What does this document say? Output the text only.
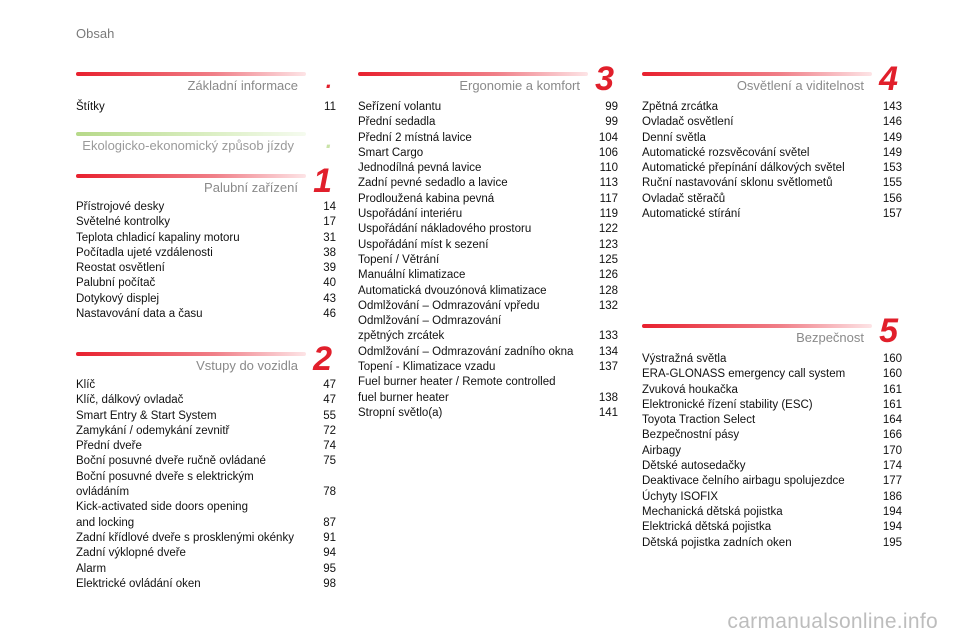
Obsah
Základní informace .
Štítky	11
Ekologicko-ekonomický způsob jízdy .
Palubní zařízení 1
Přístrojové desky	14
Světelné kontrolky	17
Teplota chladicí kapaliny motoru	31
Počítadla ujeté vzdálenosti	38
Reostat osvětlení	39
Palubní počítač	40
Dotykový displej	43
Nastavování data a času	46
Vstupy do vozidla 2
Klíč	47
Klíč, dálkový ovladač	47
Smart Entry & Start System	55
Zamykání / odemykání zevnitř	72
Přední dveře	74
Boční posuvné dveře ručně ovládané	75
Boční posuvné dveře s elektrickým
ovládáním	78
Kick-activated side doors opening
and locking	87
Zadní křídlové dveře s prosklenými okénky	91
Zadní výklopné dveře	94
Alarm	95
Elektrické ovládání oken	98
Ergonomie a komfort 3
Seřízení volantu	99
Přední sedadla	99
Přední 2 místná lavice	104
Smart Cargo	106
Jednodílná pevná lavice	110
Zadní pevné sedadlo a lavice	113
Prodloužená kabina pevná	117
Uspořádání interiéru	119
Uspořádání nákladového prostoru	122
Uspořádání míst k sezení	123
Topení / Větrání	125
Manuální klimatizace	126
Automatická dvouzónová klimatizace	128
Odmlžování – Odmrazování vpředu	132
Odmlžování – Odmrazování
zpětných zrcátek	133
Odmlžování – Odmrazování zadního okna	134
Topení - Klimatizace vzadu	137
Fuel burner heater / Remote controlled
fuel burner heater	138
Stropní světlo(a)	141
Osvětlení a viditelnost 4
Zpětná zrcátka	143
Ovladač osvětlení	146
Denní světla	149
Automatické rozsvěcování světel	149
Automatické přepínání dálkových světel	153
Ruční nastavování sklonu světlometů	155
Ovladač stěračů	156
Automatické stírání	157
Bezpečnost 5
Výstražná světla	160
ERA-GLONASS emergency call system	160
Zvuková houkačka	161
Elektronické řízení stability (ESC)	161
Toyota Traction Select	164
Bezpečnostní pásy	166
Airbagy	170
Dětské autosedačky	174
Deaktivace čelního airbagu spolujezdce	177
Úchyty ISOFIX	186
Mechanická dětská pojistka	194
Elektrická dětská pojistka	194
Dětská pojistka zadních oken	195
carmanualsonline.info
